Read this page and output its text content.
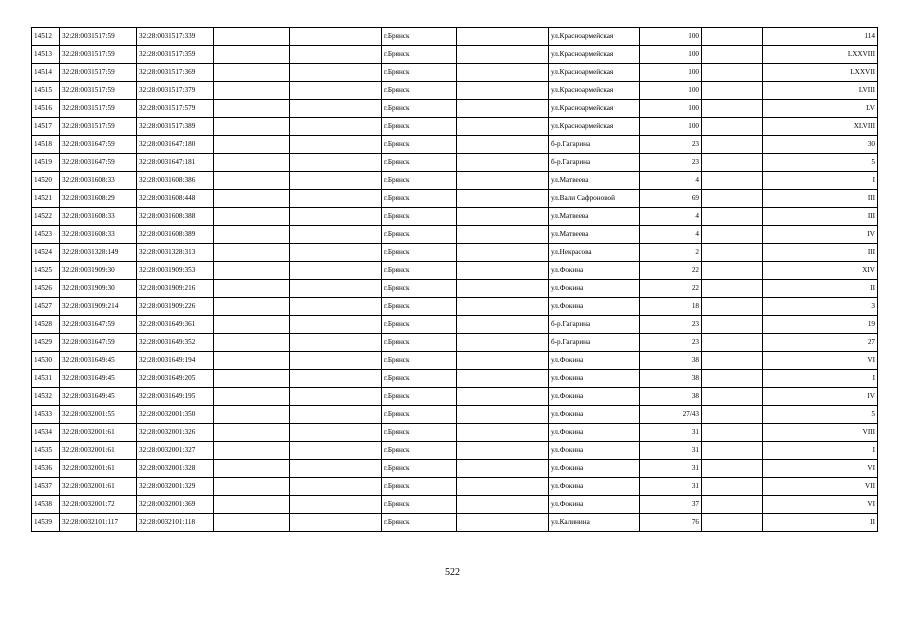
14512	32:28:0031517:59	32:28:0031517:339			г.Брянск		ул.Красноармейская	100		114
14513	32:28:0031517:59	32:28:0031517:359			г.Брянск		ул.Красноармейская	100		LXXVIII
14514	32:28:0031517:59	32:28:0031517:369			г.Брянск		ул.Красноармейская	100		LXXVII
14515	32:28:0031517:59	32:28:0031517:379			г.Брянск		ул.Красноармейская	100		LVIII
14516	32:28:0031517:59	32:28:0031517:579			г.Брянск		ул.Красноармейская	100		LV
14517	32:28:0031517:59	32:28:0031517:389			г.Брянск		ул.Красноармейская	100		XLVIII
14518	32:28:0031647:59	32:28:0031647:180			г.Брянск		б-р.Гагарина	23		30
14519	32:28:0031647:59	32:28:0031647:181			г.Брянск		б-р.Гагарина	23		5
14520	32:28:0031608:33	32:28:0031608:386			г.Брянск		ул.Матвеева	4		I
14521	32:28:0031608:29	32:28:0031608:448			г.Брянск		ул.Вали Сафроновой	69		III
14522	32:28:0031608:33	32:28:0031608:388			г.Брянск		ул.Матвеева	4		III
14523	32:28:0031608:33	32:28:0031608:389			г.Брянск		ул.Матвеева	4		IV
14524	32:28:0031328:149	32:28:0031328:313			г.Брянск		ул.Некрасова	2		III
14525	32:28:0031909:30	32:28:0031909:353			г.Брянск		ул.Фокина	22		XIV
14526	32:28:0031909:30	32:28:0031909:216			г.Брянск		ул.Фокина	22		II
14527	32:28:0031909:214	32:28:0031909:226			г.Брянск		ул.Фокина	18		3
14528	32:28:0031647:59	32:28:0031649:361			г.Брянск		б-р.Гагарина	23		19
14529	32:28:0031647:59	32:28:0031649:352			г.Брянск		б-р.Гагарина	23		27
14530	32:28:0031649:45	32:28:0031649:194			г.Брянск		ул.Фокина	38		VI
14531	32:28:0031649:45	32:28:0031649:205			г.Брянск		ул.Фокина	38		I
14532	32:28:0031649:45	32:28:0031649:195			г.Брянск		ул.Фокина	38		IV
14533	32:28:0032001:55	32:28:0032001:350			г.Брянск		ул.Фокина	27/43		5
14534	32:28:0032001:61	32:28:0032001:326			г.Брянск		ул.Фокина	31		VIII
14535	32:28:0032001:61	32:28:0032001:327			г.Брянск		ул.Фокина	31		I
14536	32:28:0032001:61	32:28:0032001:328			г.Брянск		ул.Фокина	31		VI
14537	32:28:0032001:61	32:28:0032001:329			г.Брянск		ул.Фокина	31		VII
14538	32:28:0032001:72	32:28:0032001:369			г.Брянск		ул.Фокина	37		VI
14539	32:28:0032101:117	32:28:0032101:118			г.Брянск		ул.Калинина	76		II
522
